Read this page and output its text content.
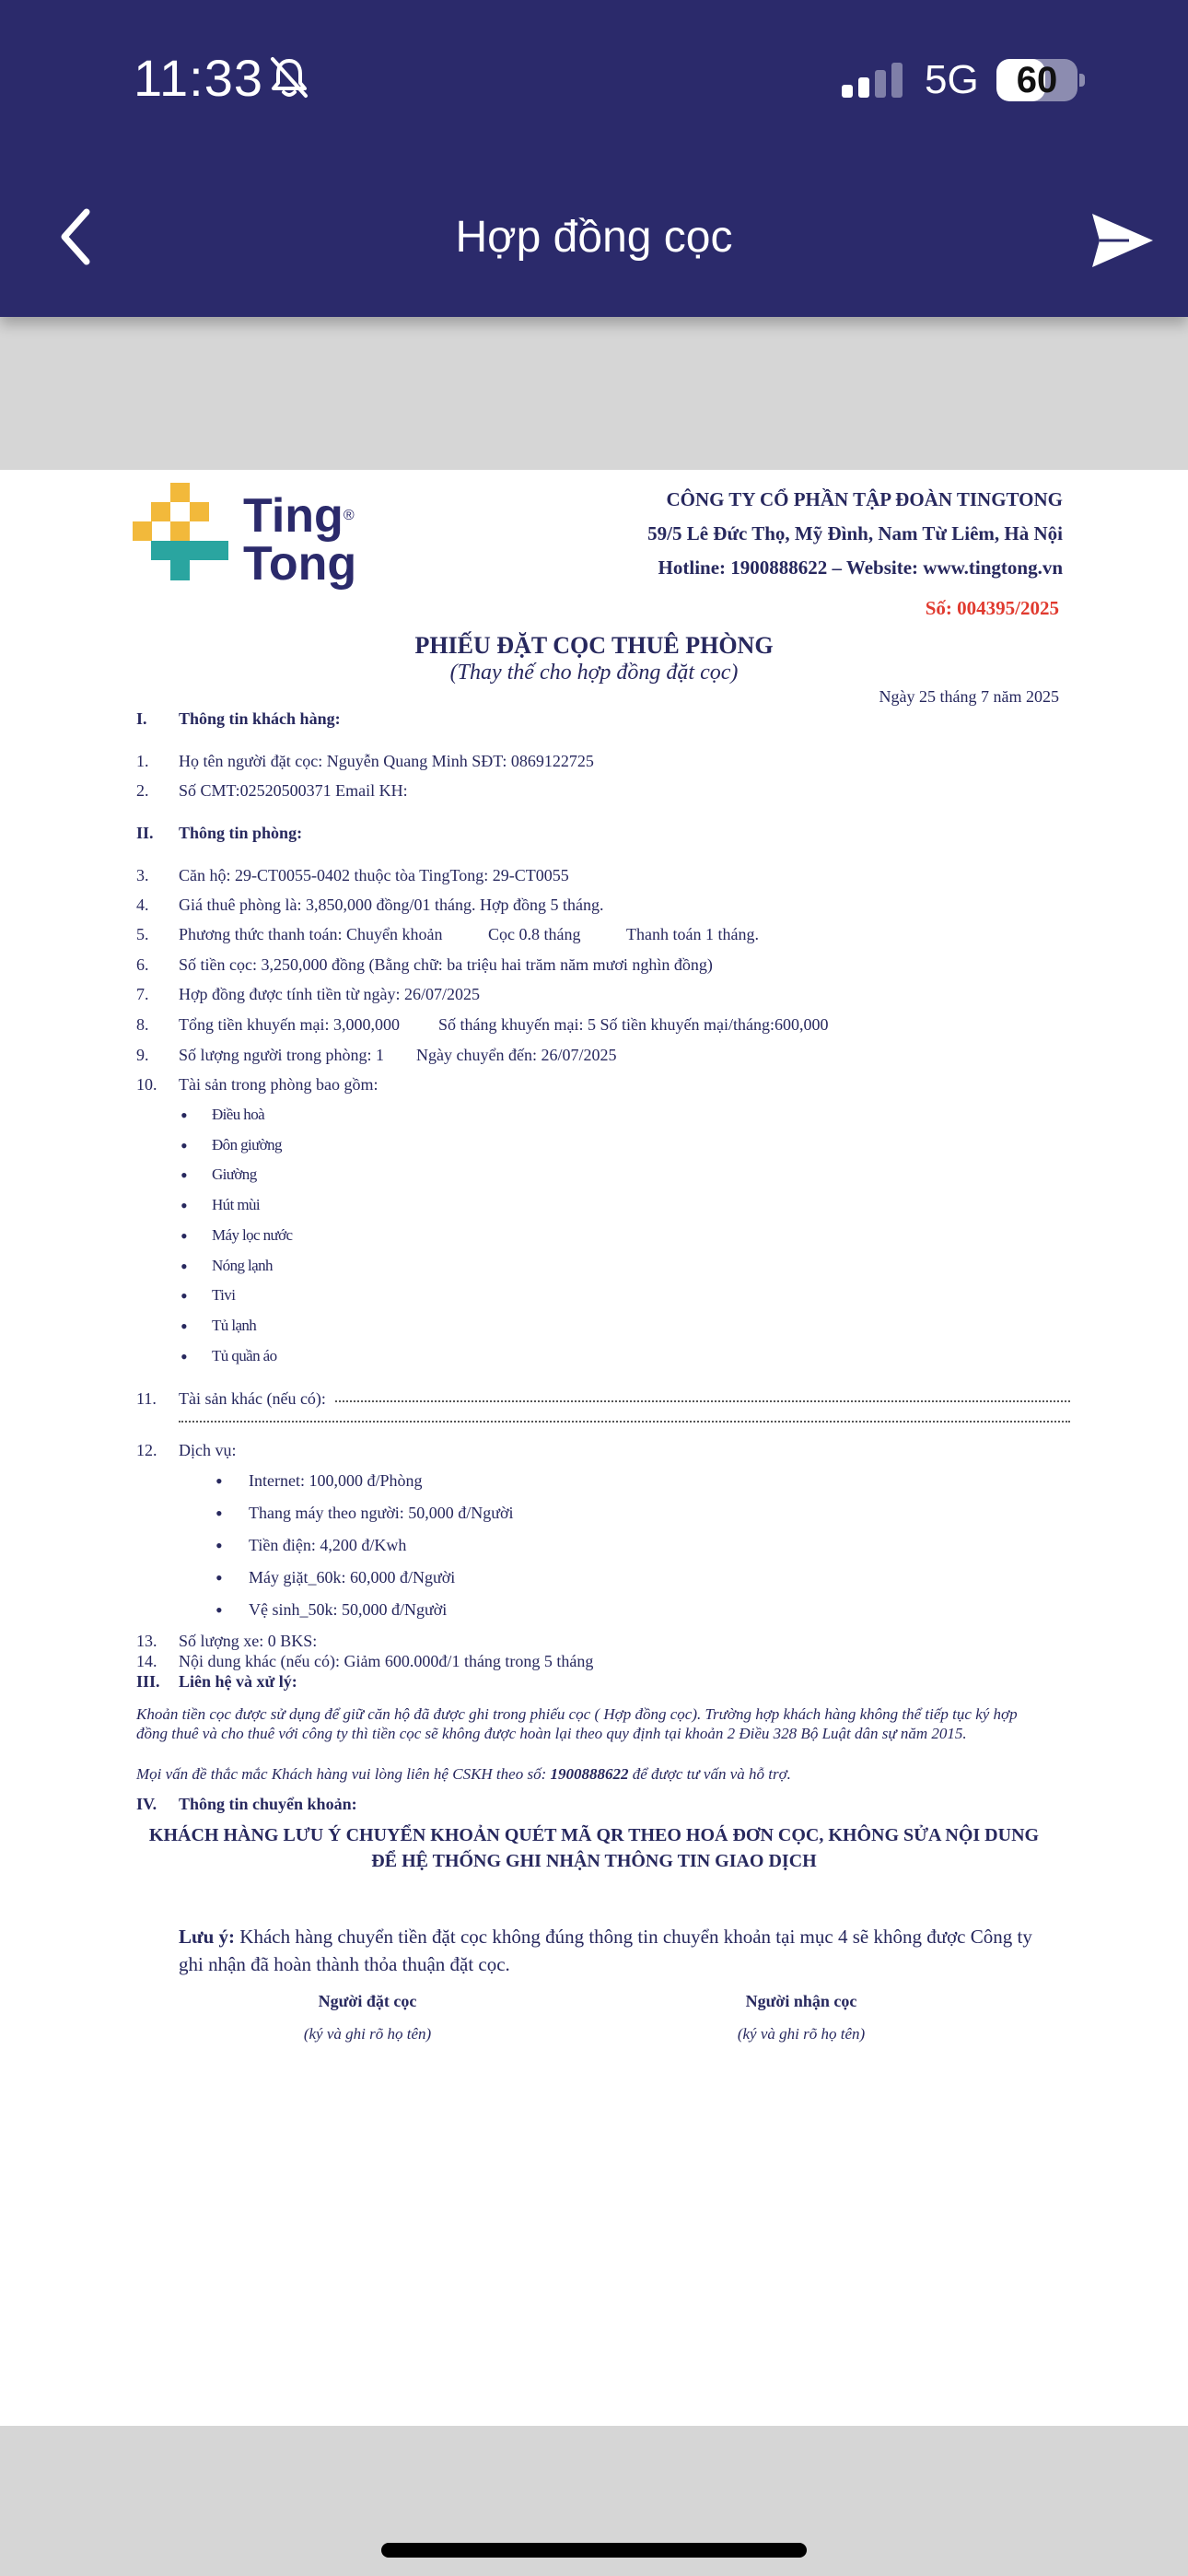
11:33	5G	60
Hợp đồng cọc
Ting®
Tong
CÔNG TY CỔ PHẦN TẬP ĐOÀN TINGTONG
59/5 Lê Đức Thọ, Mỹ Đình, Nam Từ Liêm, Hà Nội
Hotline: 1900888622 – Website: www.tingtong.vn
Số: 004395/2025
PHIẾU ĐẶT CỌC THUÊ PHÒNG
(Thay thế cho hợp đồng đặt cọc)
Ngày 25 tháng 7 năm 2025
I. Thông tin khách hàng:
1. Họ tên người đặt cọc: Nguyễn Quang Minh SĐT: 0869122725
2. Số CMT:02520500371 Email KH:
II. Thông tin phòng:
3. Căn hộ: 29-CT0055-0402 thuộc tòa TingTong: 29-CT0055
4. Giá thuê phòng là: 3,850,000 đồng/01 tháng. Hợp đồng 5 tháng.
5. Phương thức thanh toán: Chuyển khoản	Cọc 0.8 tháng	Thanh toán 1 tháng.
6. Số tiền cọc: 3,250,000 đồng (Bằng chữ: ba triệu hai trăm năm mươi nghìn đồng)
7. Hợp đồng được tính tiền từ ngày: 26/07/2025
8. Tổng tiền khuyến mại: 3,000,000 Số tháng khuyến mại: 5 Số tiền khuyến mại/tháng:600,000
9. Số lượng người trong phòng: 1 Ngày chuyển đến: 26/07/2025
10. Tài sản trong phòng bao gồm:
• Điều hoà
• Đôn giường
• Giường
• Hút mùi
• Máy lọc nước
• Nóng lạnh
• Tivi
• Tủ lạnh
• Tủ quần áo
11. Tài sản khác (nếu có):
12. Dịch vụ:
• Internet: 100,000 đ/Phòng
• Thang máy theo người: 50,000 đ/Người
• Tiền điện: 4,200 đ/Kwh
• Máy giặt_60k: 60,000 đ/Người
• Vệ sinh_50k: 50,000 đ/Người
13. Số lượng xe: 0 BKS:
14. Nội dung khác (nếu có): Giảm 600.000đ/1 tháng trong 5 tháng
III. Liên hệ và xử lý:
Khoản tiền cọc được sử dụng để giữ căn hộ đã được ghi trong phiếu cọc ( Hợp đồng cọc). Trường hợp khách hàng không thể tiếp tục ký hợp đồng thuê và cho thuê với công ty thì tiền cọc sẽ không được hoàn lại theo quy định tại khoản 2 Điều 328 Bộ Luật dân sự năm 2015.
Mọi vấn đề thắc mắc Khách hàng vui lòng liên hệ CSKH theo số: 1900888622 để được tư vấn và hỗ trợ.
IV. Thông tin chuyển khoản:
KHÁCH HÀNG LƯU Ý CHUYỂN KHOẢN QUÉT MÃ QR THEO HOÁ ĐƠN CỌC, KHÔNG SỬA NỘI DUNG
ĐỂ HỆ THỐNG GHI NHẬN THÔNG TIN GIAO DỊCH
Lưu ý: Khách hàng chuyển tiền đặt cọc không đúng thông tin chuyển khoản tại mục 4 sẽ không được Công ty ghi nhận đã hoàn thành thỏa thuận đặt cọc.
Người đặt cọc	Người nhận cọc
(ký và ghi rõ họ tên)	(ký và ghi rõ họ tên)
